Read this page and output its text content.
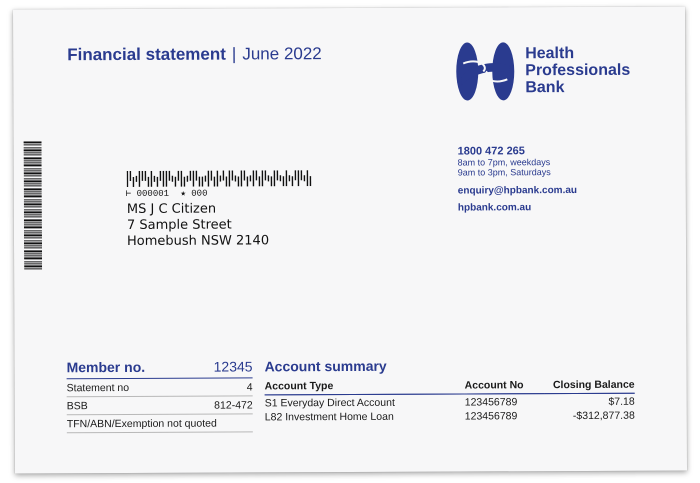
Financial statement | June 2022	Health
Professionals
Bank
⊢ 000001 ★ 000
MS J C Citizen
7 Sample Street
Homebush NSW 2140
1800 472 265
8am to 7pm, weekdays
9am to 3pm, Saturdays
enquiry@hpbank.com.au
hpbank.com.au
Member no.	12345
Statement no	4
BSB	812-472
TFN/ABN/Exemption not quoted
Account summary
Account Type	Account No	Closing Balance
S1 Everyday Direct Account	123456789	$7.18
L82 Investment Home Loan	123456789	-$312,877.38
